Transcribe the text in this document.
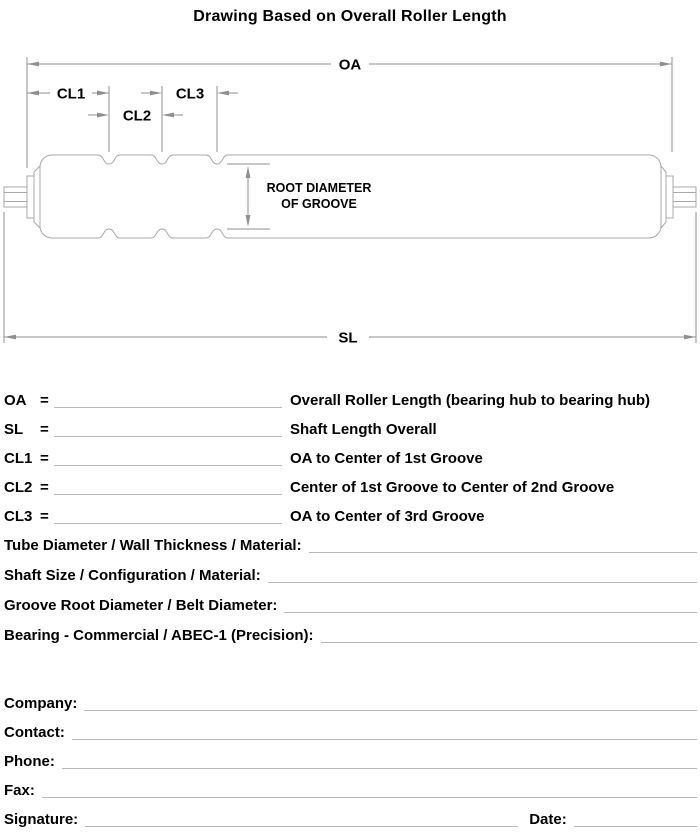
Drawing Based on Overall Roller Length
OA
CL1	CL3
CL2
ROOT DIAMETER
OF GROOVE
SL
OA =	Overall Roller Length (bearing hub to bearing hub)
SL	=	Shaft Length Overall
CL1 =	OA to Center of 1st Groove
CL2 =	Center of 1st Groove to Center of 2nd Groove
CL3 =	OA to Center of 3rd Groove
Tube Diameter / Wall Thickness / Material:
Shaft Size / Configuration / Material:
Groove Root Diameter / Belt Diameter:
Bearing - Commercial / ABEC-1 (Precision):
Company:
Contact:
Phone:
Fax:
Signature:	Date:
